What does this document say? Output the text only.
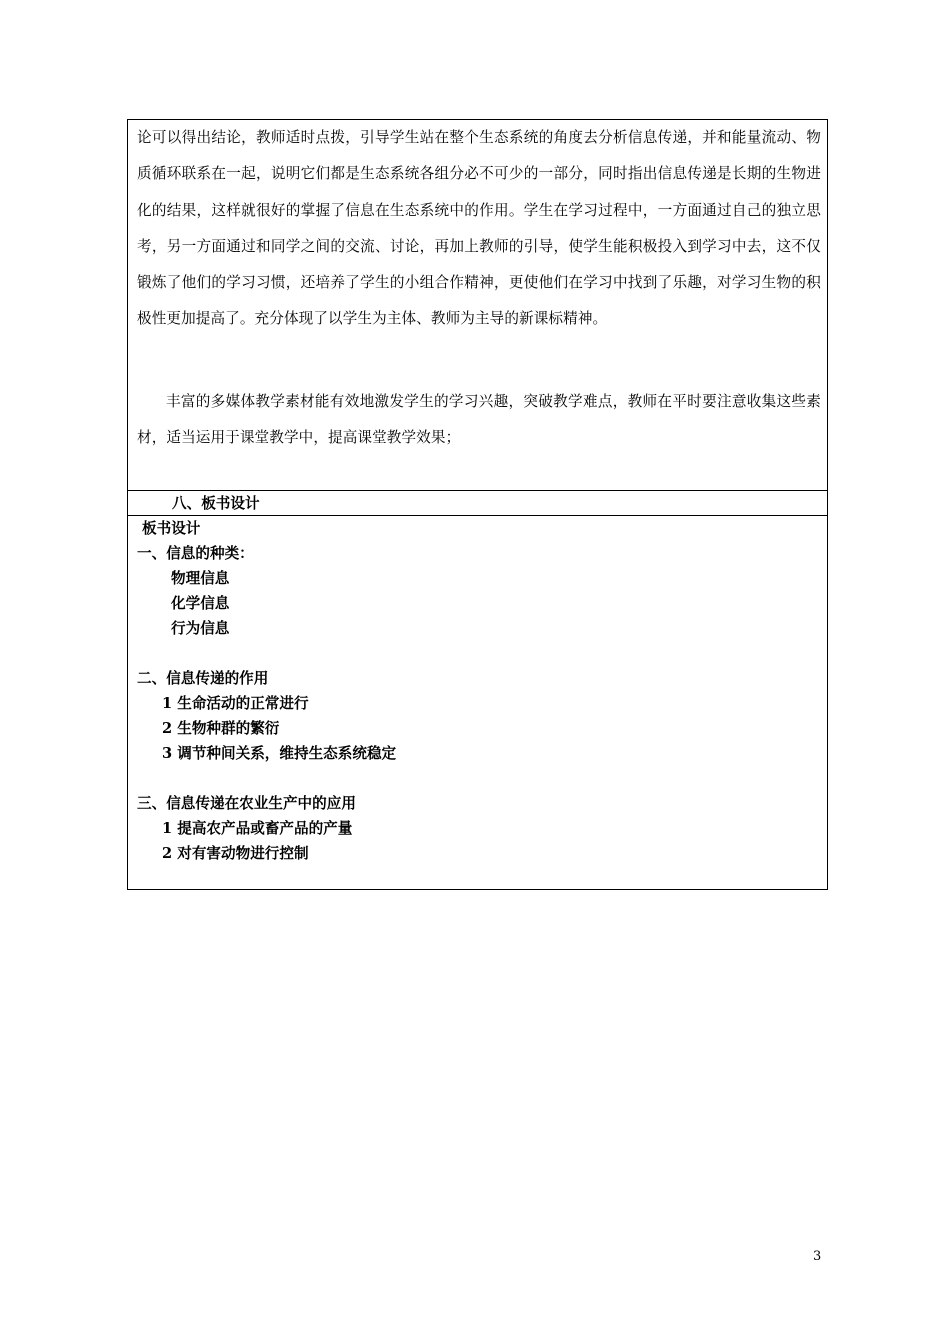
论可以得出结论，教师适时点拨，引导学生站在整个生态系统的角度去分析信息传递，并和能量流动、物质循环联系在一起，说明它们都是生态系统各组分必不可少的一部分，同时指出信息传递是长期的生物进化的结果，这样就很好的掌握了信息在生态系统中的作用。学生在学习过程中，一方面通过自己的独立思考，另一方面通过和同学之间的交流、讨论，再加上教师的引导，使学生能积极投入到学习中去，这不仅锻炼了他们的学习习惯，还培养了学生的小组合作精神，更使他们在学习中找到了乐趣，对学习生物的积极性更加提高了。充分体现了以学生为主体、教师为主导的新课标精神。

丰富的多媒体教学素材能有效地激发学生的学习兴趣，突破教学难点，教师在平时要注意收集这些素材，适当运用于课堂教学中，提高课堂教学效果；

八、板书设计
板书设计
一、信息的种类：
物理信息
化学信息
行为信息
二、信息传递的作用
1 生命活动的正常进行
2 生物种群的繁衍
3 调节种间关系，维持生态系统稳定
三、信息传递在农业生产中的应用
1 提高农产品或畜产品的产量
2 对有害动物进行控制
3
